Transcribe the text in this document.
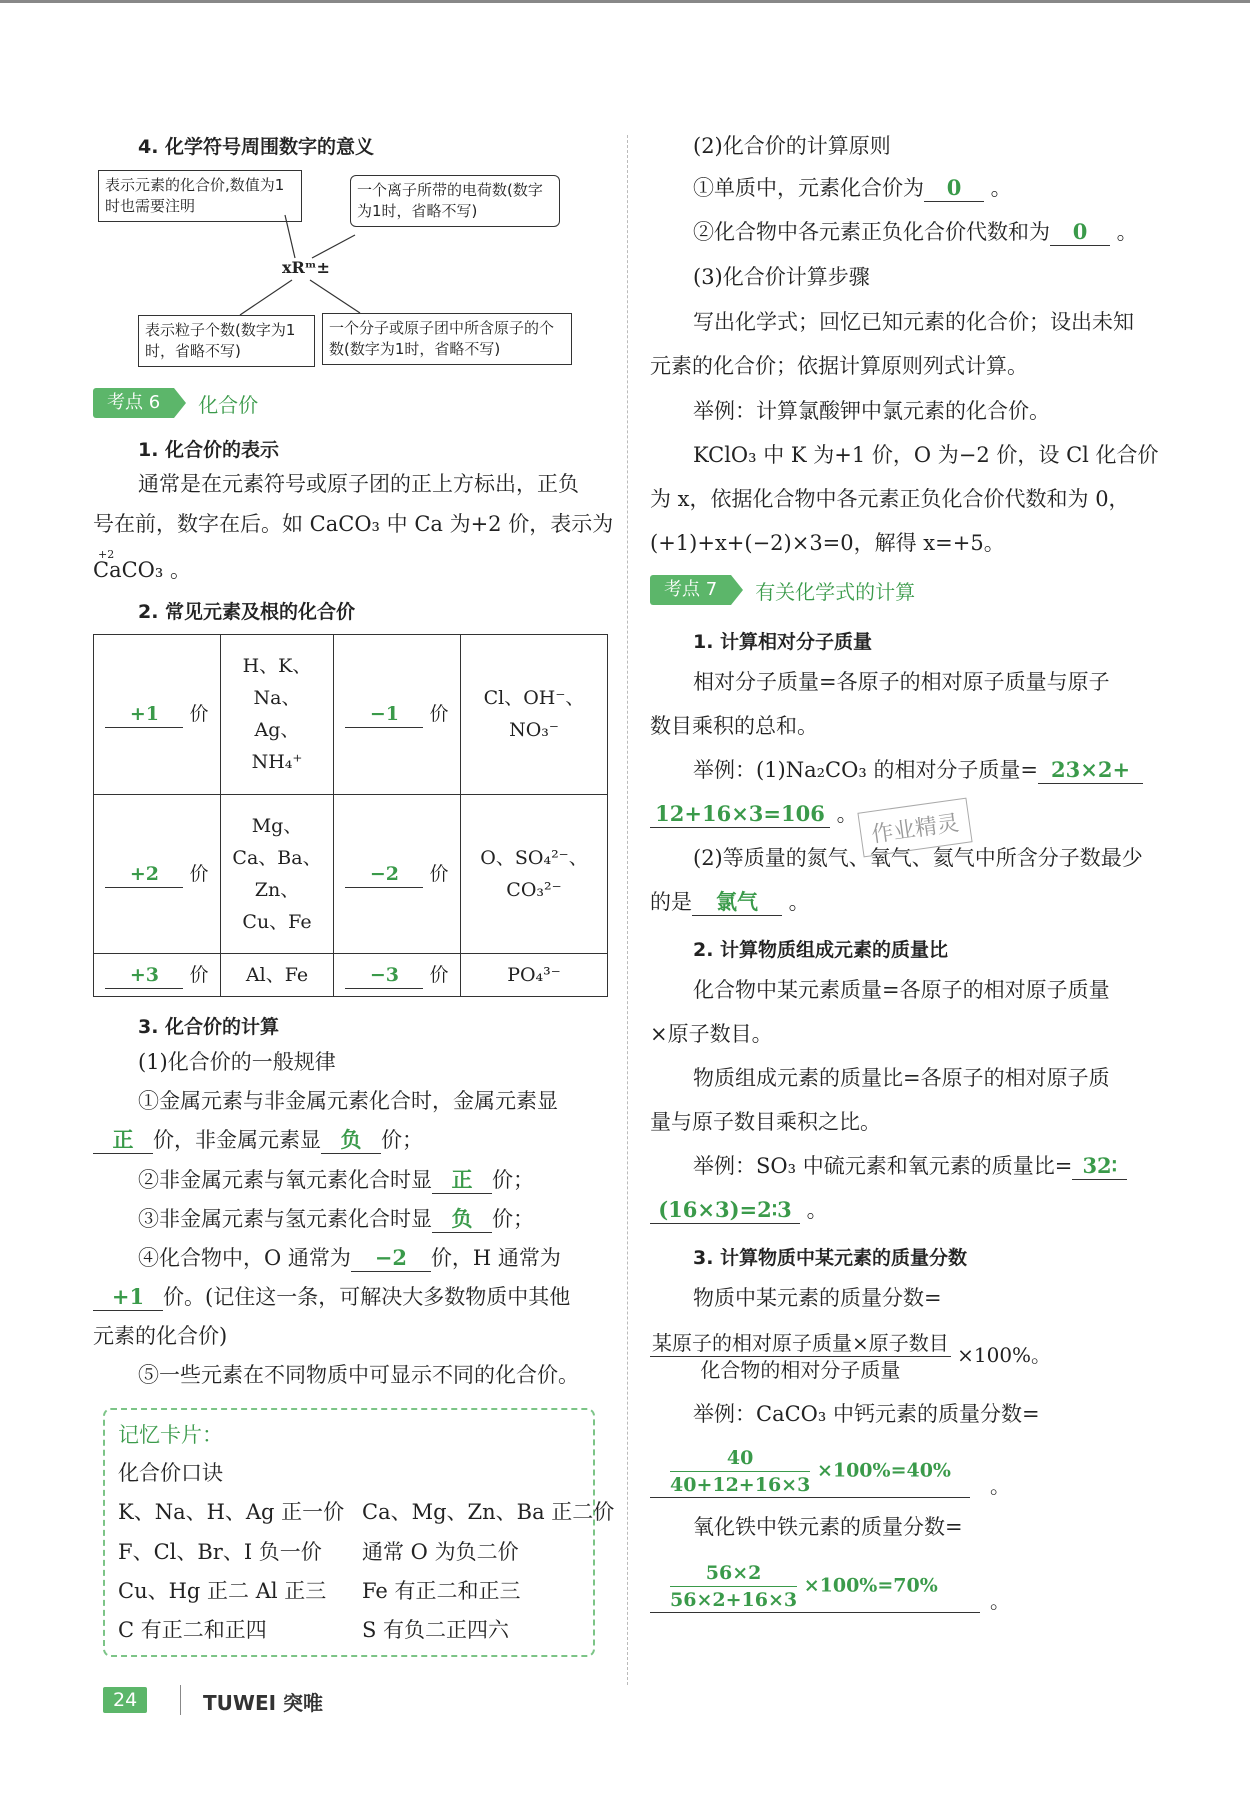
4. 化学符号周围数字的意义
表示元素的化合价,数值为1时也需要注明
一个离子所带的电荷数(数字为1时，省略不写)
xRᵐ±
表示粒子个数(数字为1时，省略不写)
一个分子或原子团中所含原子的个数(数字为1时，省略不写)
考点 6	化合价
1. 化合价的表示
通常是在元素符号或原子团的正上方标出，正负
号在前，数字在后。如 CaCO₃ 中 Ca 为+2 价，表示为
+2
CaCO₃ 。
2. 常见元素及根的化合价
+1 价	H、K、Na、Ag、NH₄⁺	−1 价	Cl、OH⁻、NO₃⁻

+2 价	Mg、Ca、Ba、Zn、Cu、Fe	−2 价	O、SO₄²⁻、CO₃²⁻

+3 价	Al、Fe	−3 价	PO₄³⁻
3. 化合价的计算
(1)化合价的一般规律
①金属元素与非金属元素化合时，金属元素显
正 价，非金属元素显 负 价；
②非金属元素与氧元素化合时显 正 价；
③非金属元素与氢元素化合时显 负 价；
④化合物中，O 通常为 −2 价，H 通常为
+1 价。(记住这一条，可解决大多数物质中其他
元素的化合价)
⑤一些元素在不同物质中可显示不同的化合价。
记忆卡片：
化合价口诀
K、Na、H、Ag 正一价 Ca、Mg、Zn、Ba 正二价
F、Cl、Br、I 负一价 通常 O 为负二价
Cu、Hg 正二 Al 正三 Fe 有正二和正三
C 有正二和正四	S 有负二正四六
24	TUWEI 突唯
(2)化合价的计算原则
①单质中，元素化合价为 0 。
②化合物中各元素正负化合价代数和为 0 。
(3)化合价计算步骤
写出化学式；回忆已知元素的化合价；设出未知
元素的化合价；依据计算原则列式计算。
举例：计算氯酸钾中氯元素的化合价。
KClO₃ 中 K 为+1 价，O 为−2 价，设 Cl 化合价
为 x，依据化合物中各元素正负化合价代数和为 0，
(+1)+x+(−2)×3=0，解得 x=+5。
考点 7	有关化学式的计算
1. 计算相对分子质量
相对分子质量=各原子的相对原子质量与原子
数目乘积的总和。
举例：(1)Na₂CO₃ 的相对分子质量= 23×2+
12+16×3=106 。
(2)等质量的氮气、氧气、氦气中所含分子数最少
的是 氯气 。
2. 计算物质组成元素的质量比
化合物中某元素质量=各原子的相对原子质量
×原子数目。
物质组成元素的质量比=各原子的相对原子质
量与原子数目乘积之比。
举例：SO₃ 中硫元素和氧元素的质量比= 32∶
(16×3)=2∶3 。
3. 计算物质中某元素的质量分数
物质中某元素的质量分数=
$\frac{\text{某原子的相对原子质量×原子数目}}{\text{化合物的相对分子质量}} \times 100\%$。
举例：CaCO₃ 中钙元素的质量分数=
$\frac{40}{40+12+16\times 3} \times 100\%=40\%$
。
氧化铁中铁元素的质量分数=
$\frac{56\times 2}{56\times 2+16\times 3} \times 100\%=70\%$
。
作业精灵
